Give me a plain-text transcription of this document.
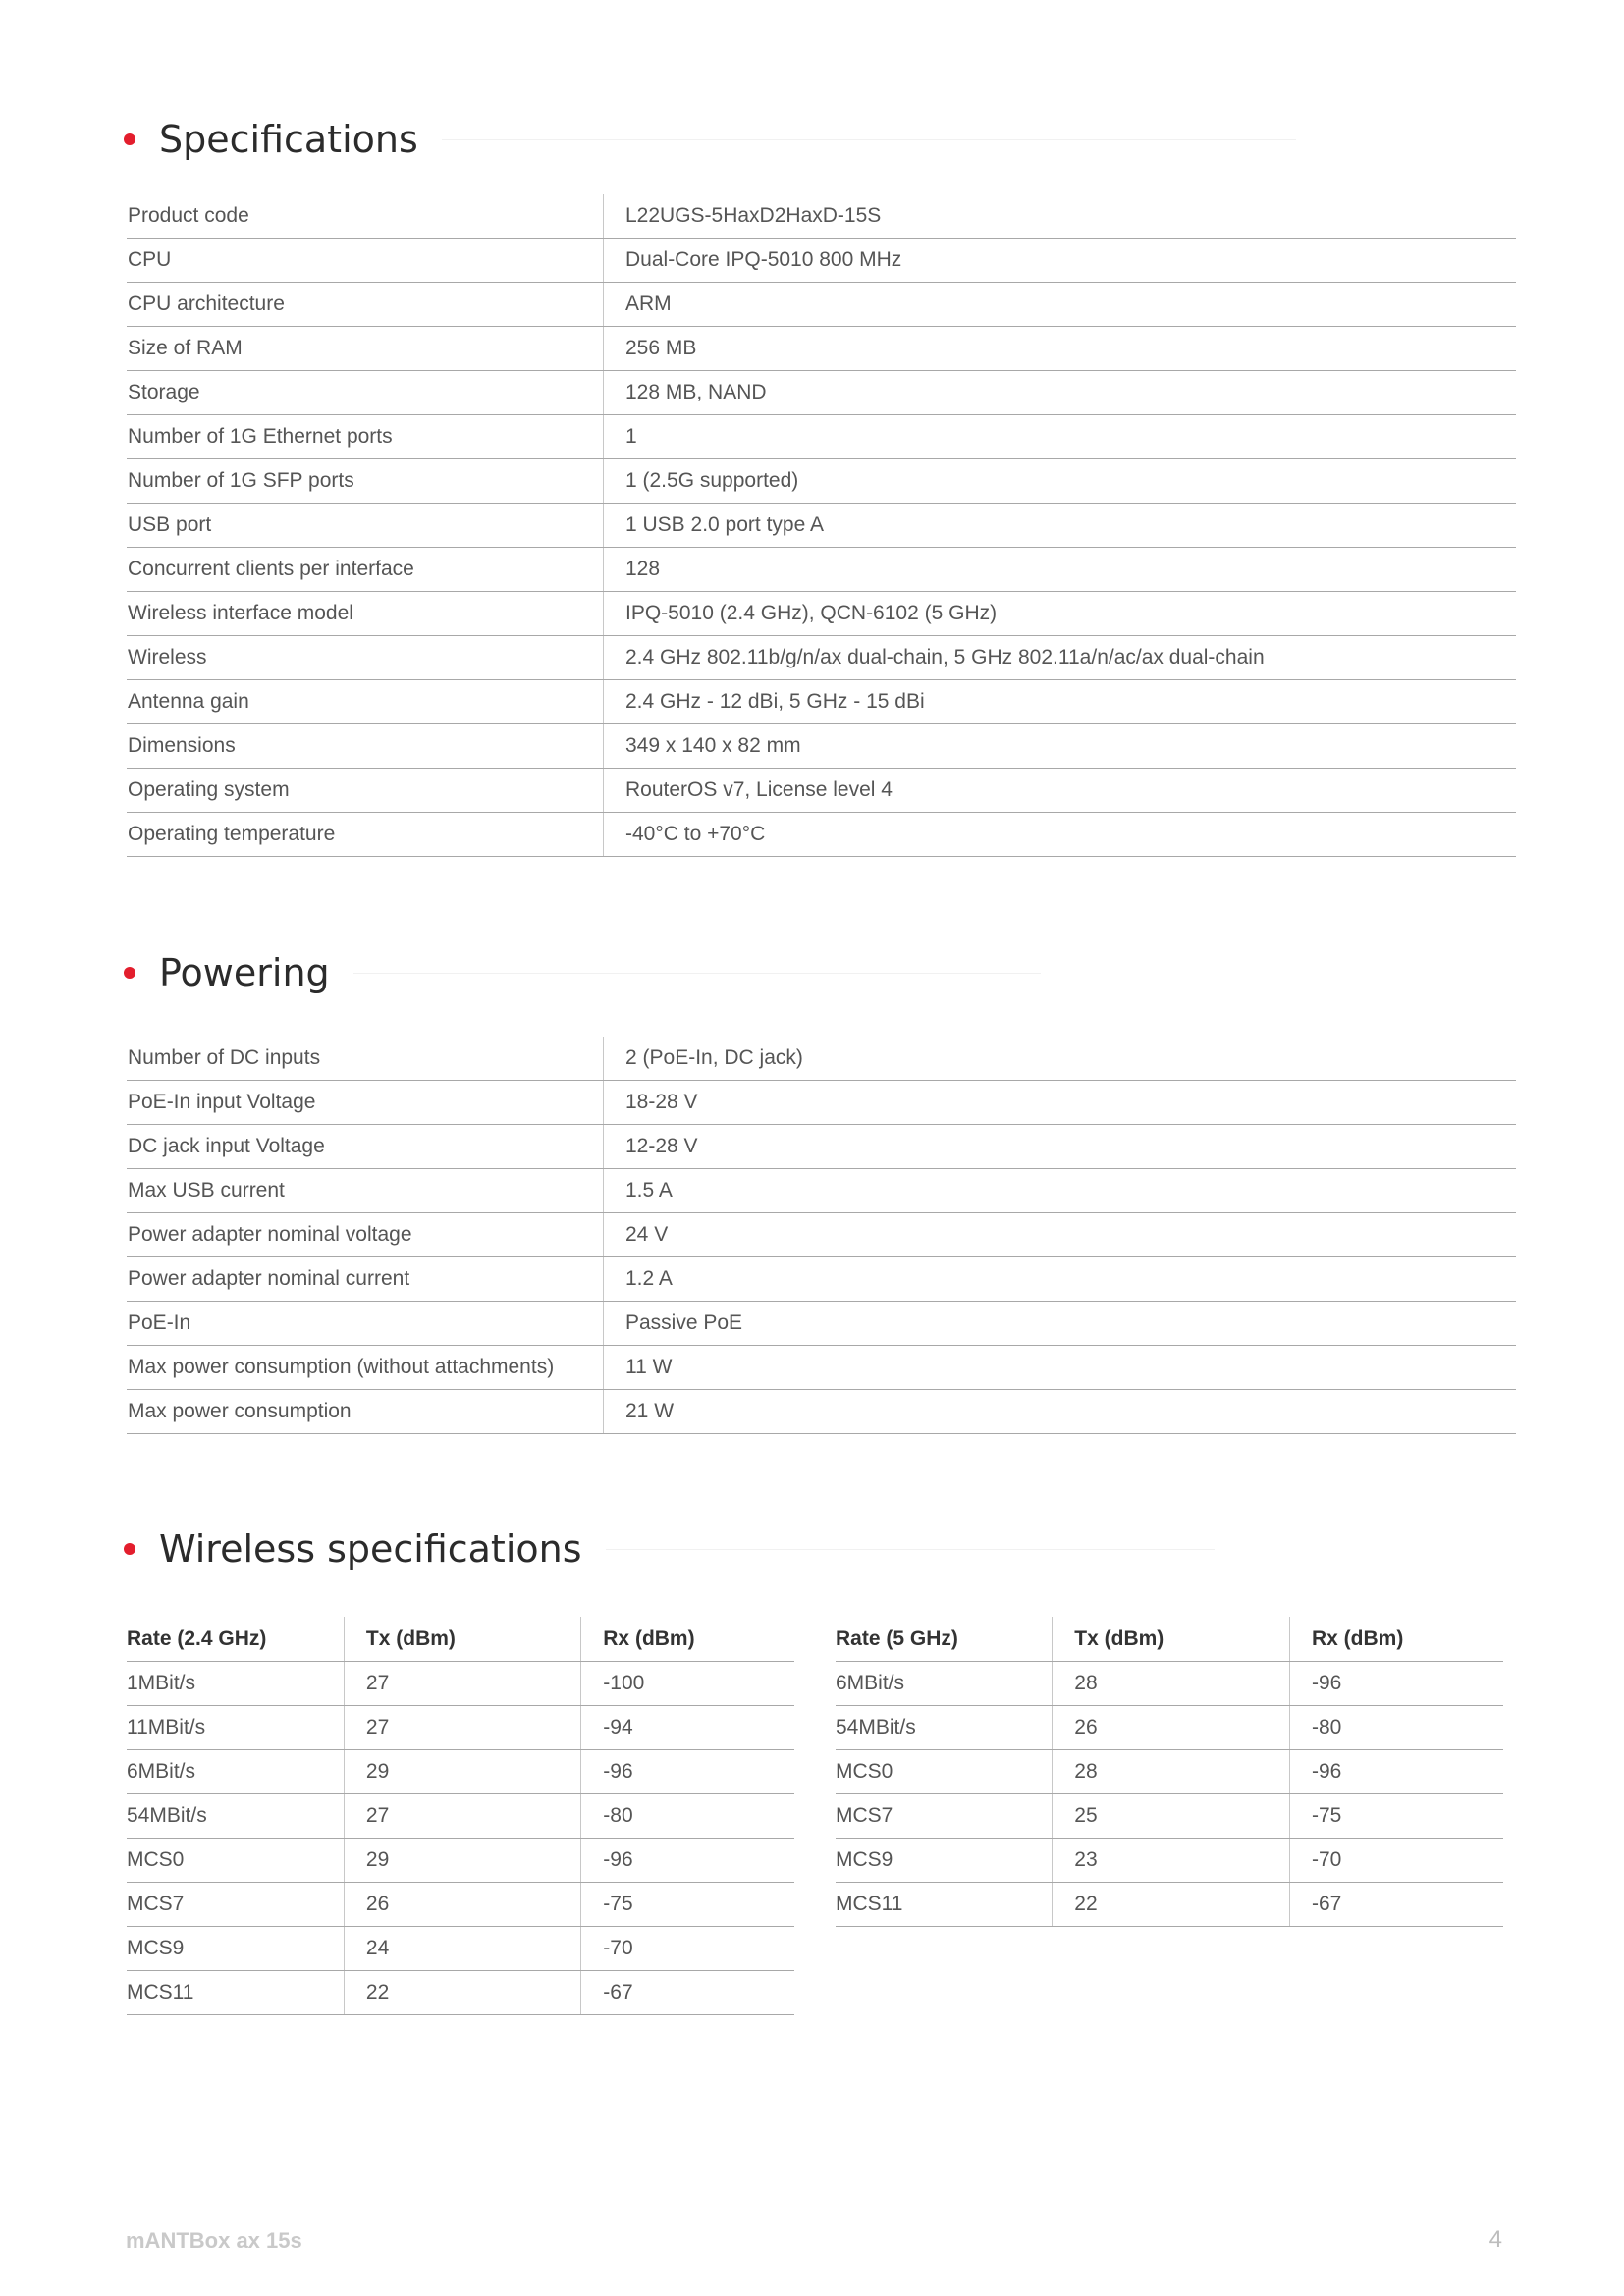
Specifications
Product code	L22UGS-5HaxD2HaxD-15S
CPU	Dual-Core IPQ-5010 800 MHz
CPU architecture	ARM
Size of RAM	256 MB
Storage	128 MB, NAND
Number of 1G Ethernet ports	1
Number of 1G SFP ports	1 (2.5G supported)
USB port	1 USB 2.0 port type A
Concurrent clients per interface	128
Wireless interface model	IPQ-5010 (2.4 GHz), QCN-6102 (5 GHz)
Wireless	2.4 GHz 802.11b/g/n/ax dual-chain, 5 GHz 802.11a/n/ac/ax dual-chain
Antenna gain	2.4 GHz - 12 dBi, 5 GHz - 15 dBi
Dimensions	349 x 140 x 82 mm
Operating system	RouterOS v7, License level 4
Operating temperature	-40°C to +70°C
Powering
Number of DC inputs	2 (PoE-In, DC jack)
PoE-In input Voltage	18-28 V
DC jack input Voltage	12-28 V
Max USB current	1.5 A
Power adapter nominal voltage	24 V
Power adapter nominal current	1.2 A
PoE-In	Passive PoE
Max power consumption (without attachments)	11 W
Max power consumption	21 W
Wireless specifications
Rate (2.4 GHz)	Tx (dBm)	Rx (dBm)
1MBit/s	27	-100
11MBit/s	27	-94
6MBit/s	29	-96
54MBit/s	27	-80
MCS0	29	-96
MCS7	26	-75
MCS9	24	-70
MCS11	22	-67
Rate (5 GHz)	Tx (dBm)	Rx (dBm)
6MBit/s	28	-96
54MBit/s	26	-80
MCS0	28	-96
MCS7	25	-75
MCS9	23	-70
MCS11	22	-67
mANTBox ax 15s	4
